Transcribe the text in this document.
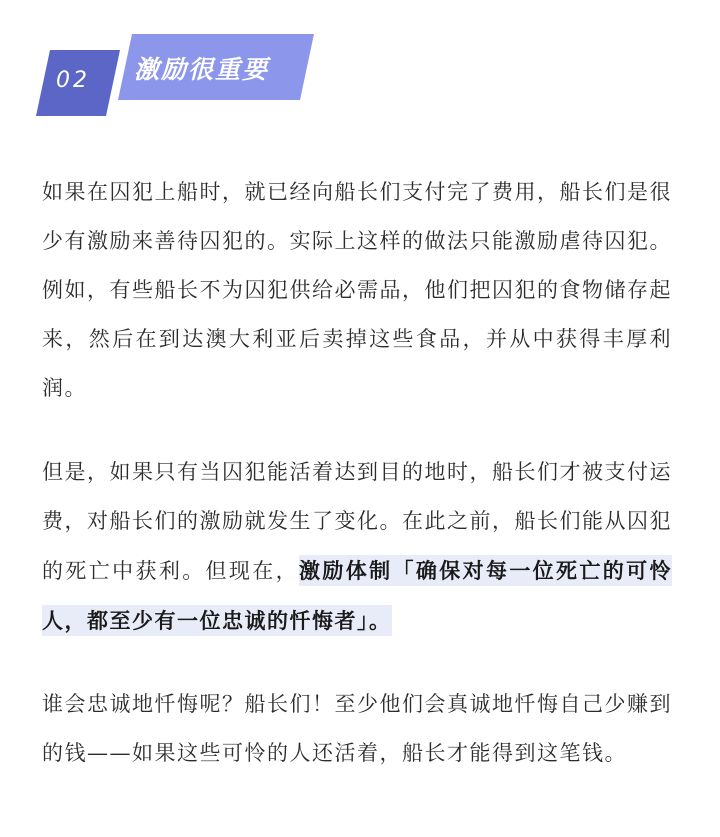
02 激励很重要

如果在囚犯上船时，就已经向船长们支付完了费用，船长们是很少有激励来善待囚犯的。实际上这样的做法只能激励虐待囚犯。例如，有些船长不为囚犯供给必需品，他们把囚犯的食物储存起来，然后在到达澳大利亚后卖掉这些食品，并从中获得丰厚利润。

但是，如果只有当囚犯能活着达到目的地时，船长们才被支付运费，对船长们的激励就发生了变化。在此之前，船长们能从囚犯的死亡中获利。但现在，激励体制「确保对每一位死亡的可怜人，都至少有一位忠诚的忏悔者」。

谁会忠诚地忏悔呢？船长们！至少他们会真诚地忏悔自己少赚到的钱——如果这些可怜的人还活着，船长才能得到这笔钱。
